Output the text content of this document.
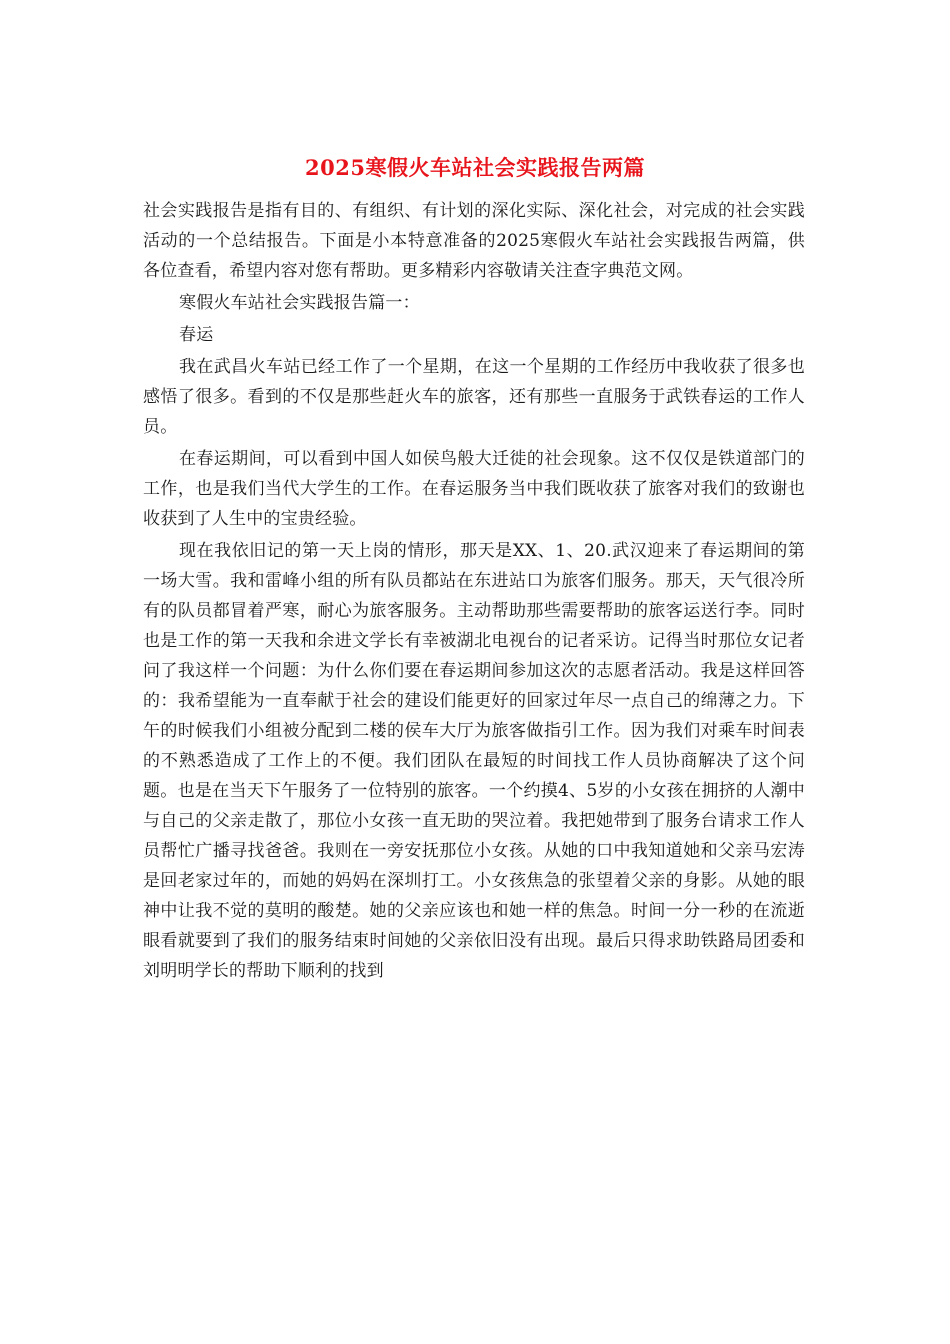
2025寒假火车站社会实践报告两篇

社会实践报告是指有目的、有组织、有计划的深化实际、深化社会，对完成的社会实践活动的一个总结报告。下面是小本特意准备的2025寒假火车站社会实践报告两篇，供各位查看，希望内容对您有帮助。更多精彩内容敬请关注查字典范文网。

寒假火车站社会实践报告篇一：

春运

我在武昌火车站已经工作了一个星期，在这一个星期的工作经历中我收获了很多也感悟了很多。看到的不仅是那些赶火车的旅客，还有那些一直服务于武铁春运的工作人员。

在春运期间，可以看到中国人如侯鸟般大迁徙的社会现象。这不仅仅是铁道部门的工作，也是我们当代大学生的工作。在春运服务当中我们既收获了旅客对我们的致谢也收获到了人生中的宝贵经验。

现在我依旧记的第一天上岗的情形，那天是XX、1、20.武汉迎来了春运期间的第一场大雪。我和雷峰小组的所有队员都站在东进站口为旅客们服务。那天，天气很冷所有的队员都冒着严寒，耐心为旅客服务。主动帮助那些需要帮助的旅客运送行李。同时也是工作的第一天我和余进文学长有幸被湖北电视台的记者采访。记得当时那位女记者问了我这样一个问题：为什么你们要在春运期间参加这次的志愿者活动。我是这样回答的：我希望能为一直奉献于社会的建设们能更好的回家过年尽一点自己的绵薄之力。下午的时候我们小组被分配到二楼的侯车大厅为旅客做指引工作。因为我们对乘车时间表的不熟悉造成了工作上的不便。我们团队在最短的时间找工作人员协商解决了这个问题。也是在当天下午服务了一位特别的旅客。一个约摸4、5岁的小女孩在拥挤的人潮中与自己的父亲走散了，那位小女孩一直无助的哭泣着。我把她带到了服务台请求工作人员帮忙广播寻找爸爸。我则在一旁安抚那位小女孩。从她的口中我知道她和父亲马宏涛是回老家过年的，而她的妈妈在深圳打工。小女孩焦急的张望着父亲的身影。从她的眼神中让我不觉的莫明的酸楚。她的父亲应该也和她一样的焦急。时间一分一秒的在流逝眼看就要到了我们的服务结束时间她的父亲依旧没有出现。最后只得求助铁路局团委和刘明明学长的帮助下顺利的找到
